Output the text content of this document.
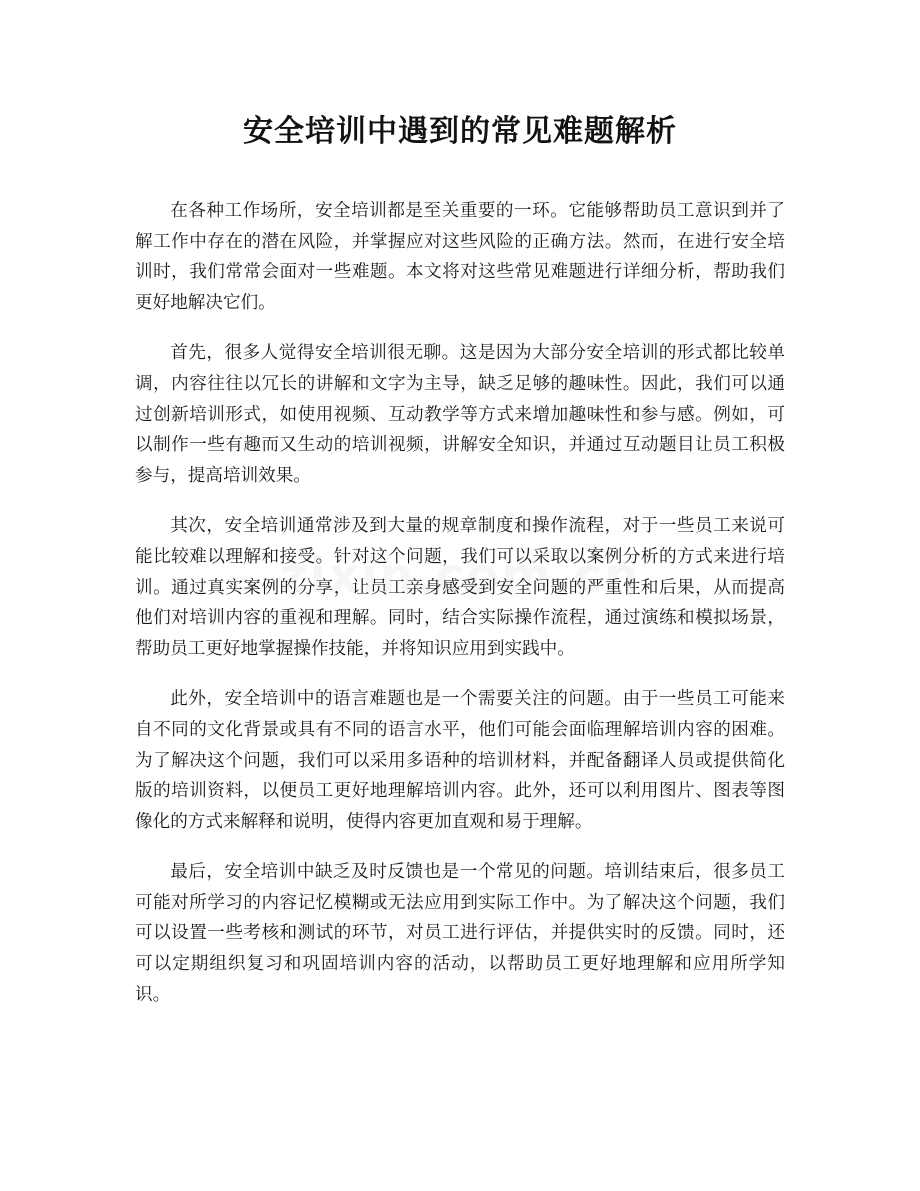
安全培训中遇到的常见难题解析

在各种工作场所，安全培训都是至关重要的一环。它能够帮助员工意识到并了解工作中存在的潜在风险，并掌握应对这些风险的正确方法。然而，在进行安全培训时，我们常常会面对一些难题。本文将对这些常见难题进行详细分析，帮助我们更好地解决它们。

首先，很多人觉得安全培训很无聊。这是因为大部分安全培训的形式都比较单调，内容往往以冗长的讲解和文字为主导，缺乏足够的趣味性。因此，我们可以通过创新培训形式，如使用视频、互动教学等方式来增加趣味性和参与感。例如，可以制作一些有趣而又生动的培训视频，讲解安全知识，并通过互动题目让员工积极参与，提高培训效果。

其次，安全培训通常涉及到大量的规章制度和操作流程，对于一些员工来说可能比较难以理解和接受。针对这个问题，我们可以采取以案例分析的方式来进行培训。通过真实案例的分享，让员工亲身感受到安全问题的严重性和后果，从而提高他们对培训内容的重视和理解。同时，结合实际操作流程，通过演练和模拟场景，帮助员工更好地掌握操作技能，并将知识应用到实践中。

此外，安全培训中的语言难题也是一个需要关注的问题。由于一些员工可能来自不同的文化背景或具有不同的语言水平，他们可能会面临理解培训内容的困难。为了解决这个问题，我们可以采用多语种的培训材料，并配备翻译人员或提供简化版的培训资料，以便员工更好地理解培训内容。此外，还可以利用图片、图表等图像化的方式来解释和说明，使得内容更加直观和易于理解。

最后，安全培训中缺乏及时反馈也是一个常见的问题。培训结束后，很多员工可能对所学习的内容记忆模糊或无法应用到实际工作中。为了解决这个问题，我们可以设置一些考核和测试的环节，对员工进行评估，并提供实时的反馈。同时，还可以定期组织复习和巩固培训内容的活动，以帮助员工更好地理解和应用所学知识。
